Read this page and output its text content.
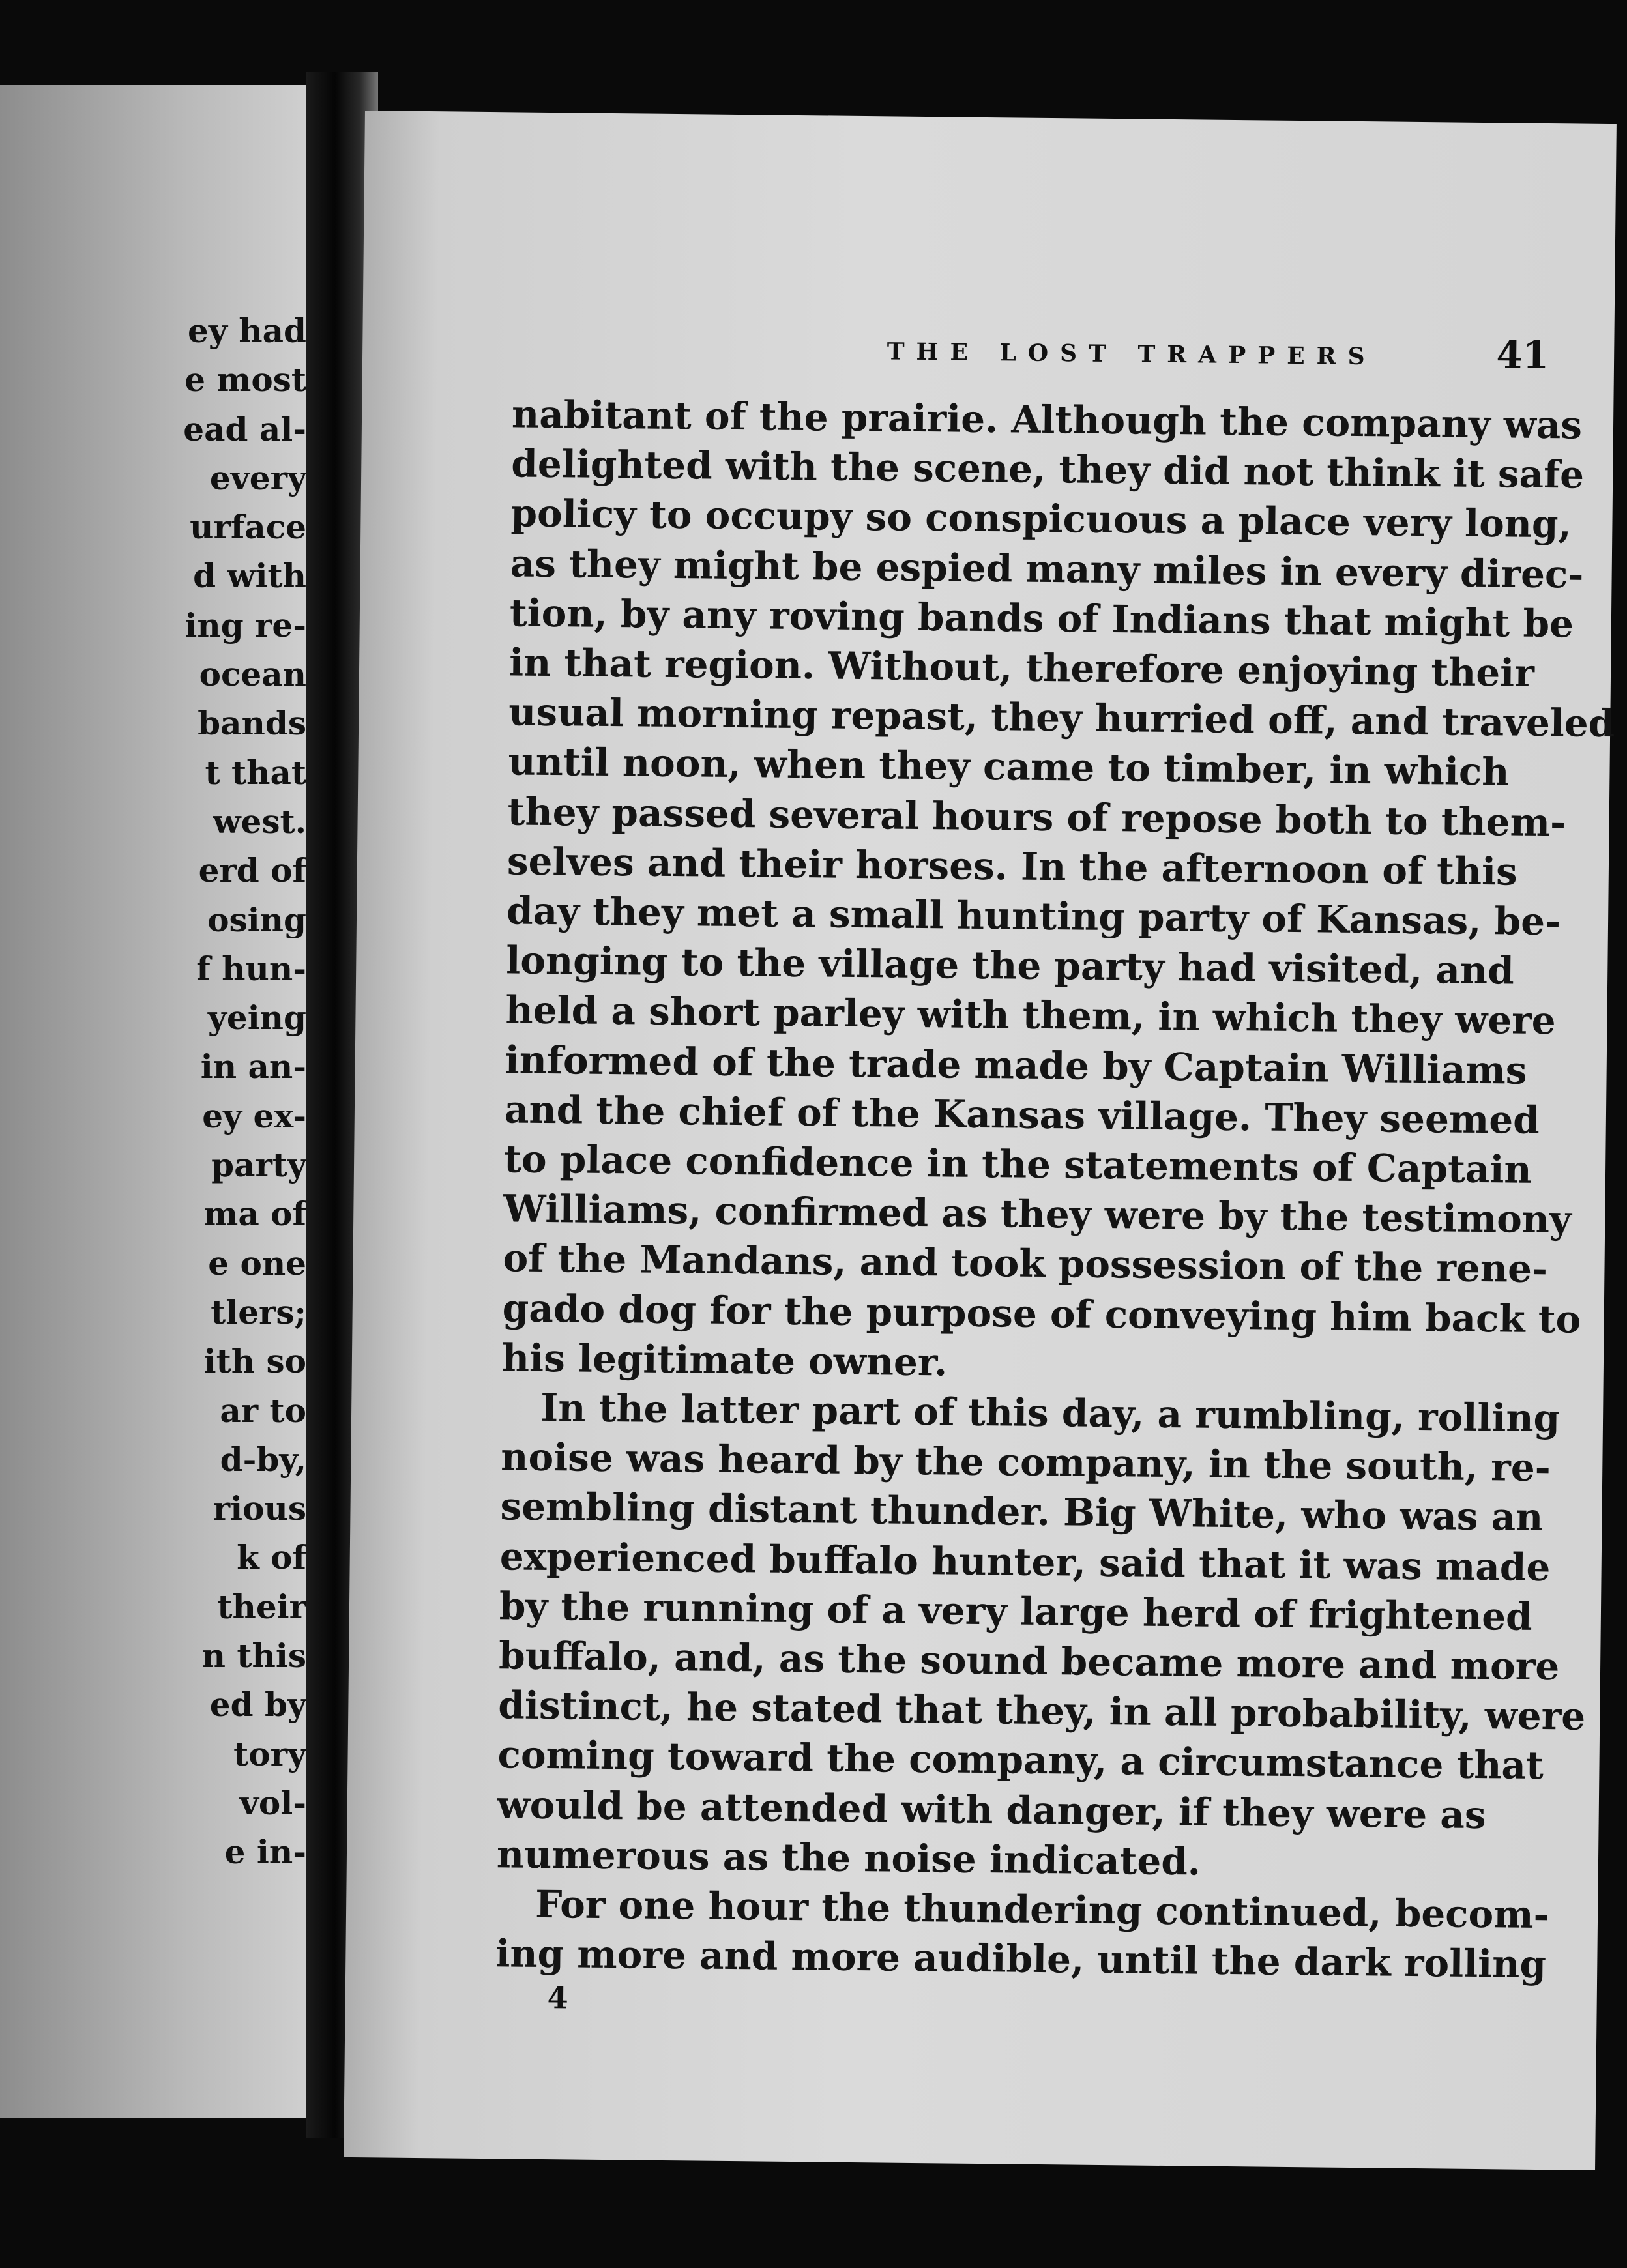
ey had
e most
ead al-
every
urface
d with
ing re-
ocean
bands
t that
west.
erd of
osing
f hun-
yeing
in an-
ey ex-
party
ma of
e one
tlers;
ith so
ar to
d-by,
rious
k of
their
n this
ed by
tory
vol-
e in-
THE LOST TRAPPERS	41
nabitant of the prairie. Although the company was
delighted with the scene, they did not think it safe
policy to occupy so conspicuous a place very long,
as they might be espied many miles in every direc-
tion, by any roving bands of Indians that might be
in that region. Without, therefore enjoying their
usual morning repast, they hurried off, and traveled
until noon, when they came to timber, in which
they passed several hours of repose both to them-
selves and their horses. In the afternoon of this
day they met a small hunting party of Kansas, be-
longing to the village the party had visited, and
held a short parley with them, in which they were
informed of the trade made by Captain Williams
and the chief of the Kansas village. They seemed
to place confidence in the statements of Captain
Williams, confirmed as they were by the testimony
of the Mandans, and took possession of the rene-
gado dog for the purpose of conveying him back to
his legitimate owner.
In the latter part of this day, a rumbling, rolling
noise was heard by the company, in the south, re-
sembling distant thunder. Big White, who was an
experienced buffalo hunter, said that it was made
by the running of a very large herd of frightened
buffalo, and, as the sound became more and more
distinct, he stated that they, in all probability, were
coming toward the company, a circumstance that
would be attended with danger, if they were as
numerous as the noise indicated.
For one hour the thundering continued, becom-
ing more and more audible, until the dark rolling
4
